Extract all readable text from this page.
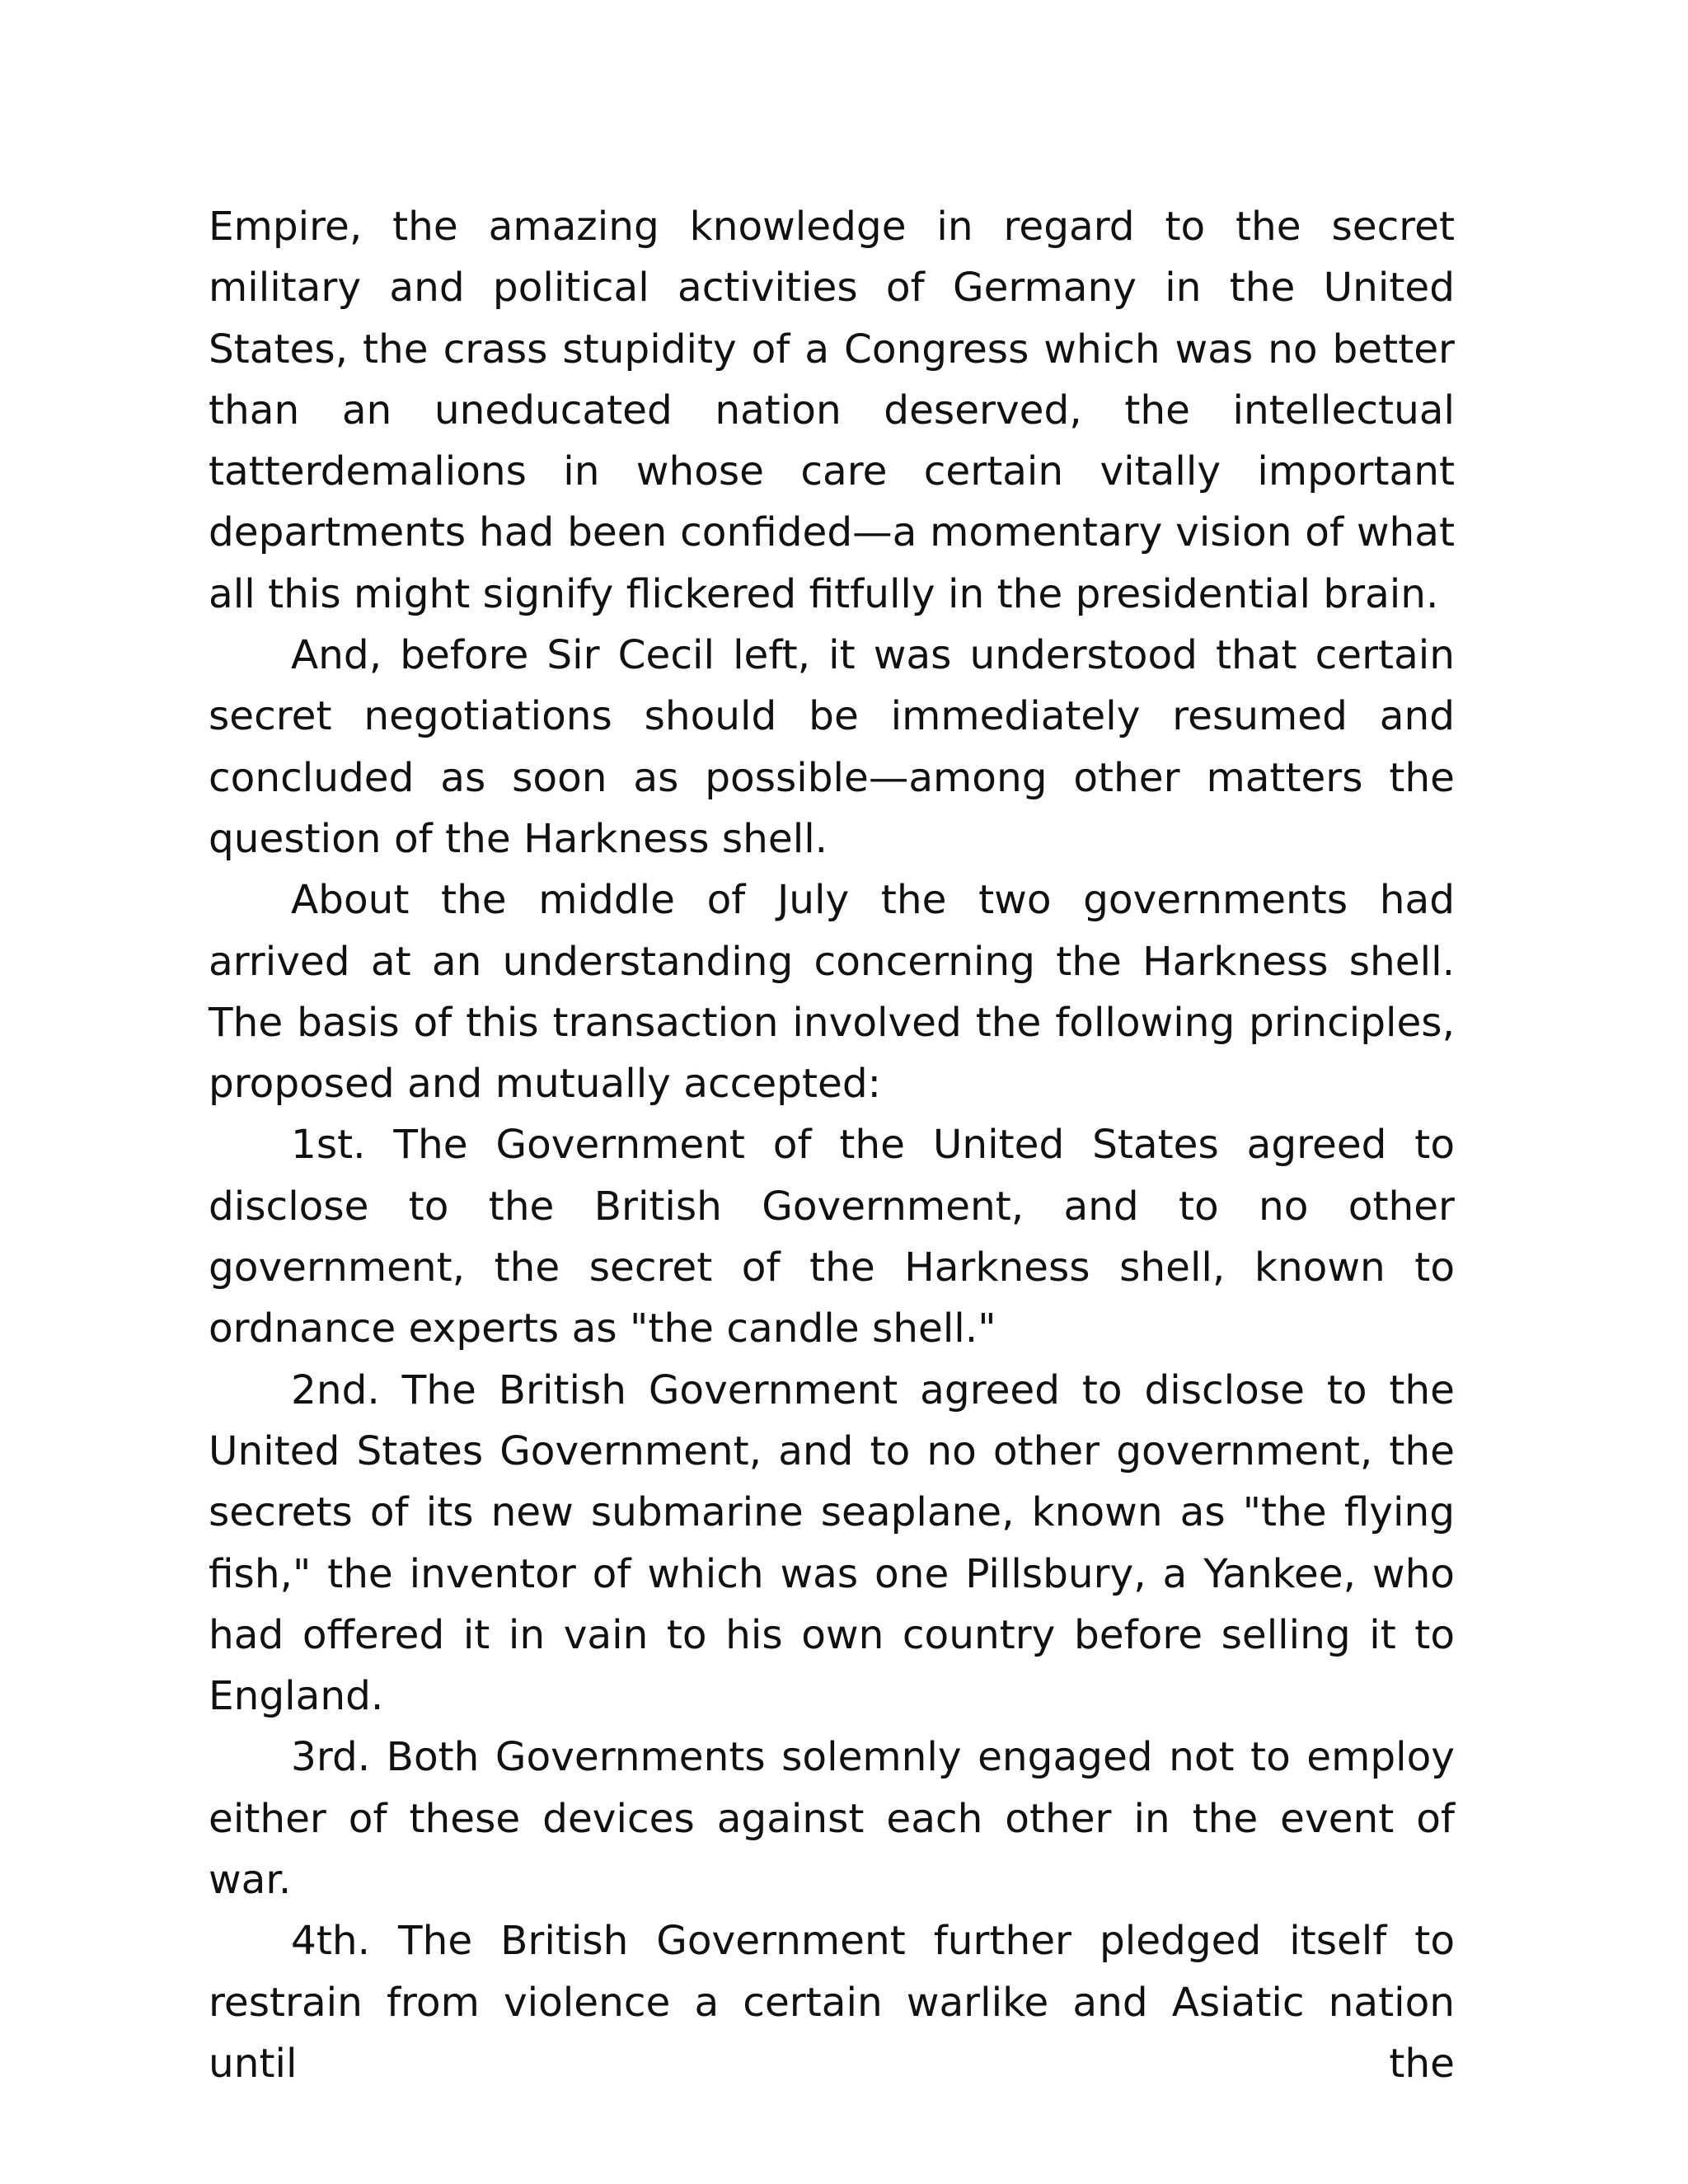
Empire, the amazing knowledge in regard to the secret military and political activities of Germany in the United States, the crass stupidity of a Congress which was no better than an uneducated nation deserved, the intellectual tatterdemalions in whose care certain vitally important departments had been confided—a momentary vision of what all this might signify flickered fitfully in the presidential brain.

And, before Sir Cecil left, it was understood that certain secret negotiations should be immediately resumed and concluded as soon as possible—among other matters the question of the Harkness shell.

About the middle of July the two governments had arrived at an understanding concerning the Harkness shell. The basis of this transaction involved the following principles, proposed and mutually accepted:

1st. The Government of the United States agreed to disclose to the British Government, and to no other government, the secret of the Harkness shell, known to ordnance experts as "the candle shell."

2nd. The British Government agreed to disclose to the United States Government, and to no other government, the secrets of its new submarine seaplane, known as "the flying fish," the inventor of which was one Pillsbury, a Yankee, who had offered it in vain to his own country before selling it to England.

3rd. Both Governments solemnly engaged not to employ either of these devices against each other in the event of war.

4th. The British Government further pledged itself to restrain from violence a certain warlike and Asiatic nation until the
